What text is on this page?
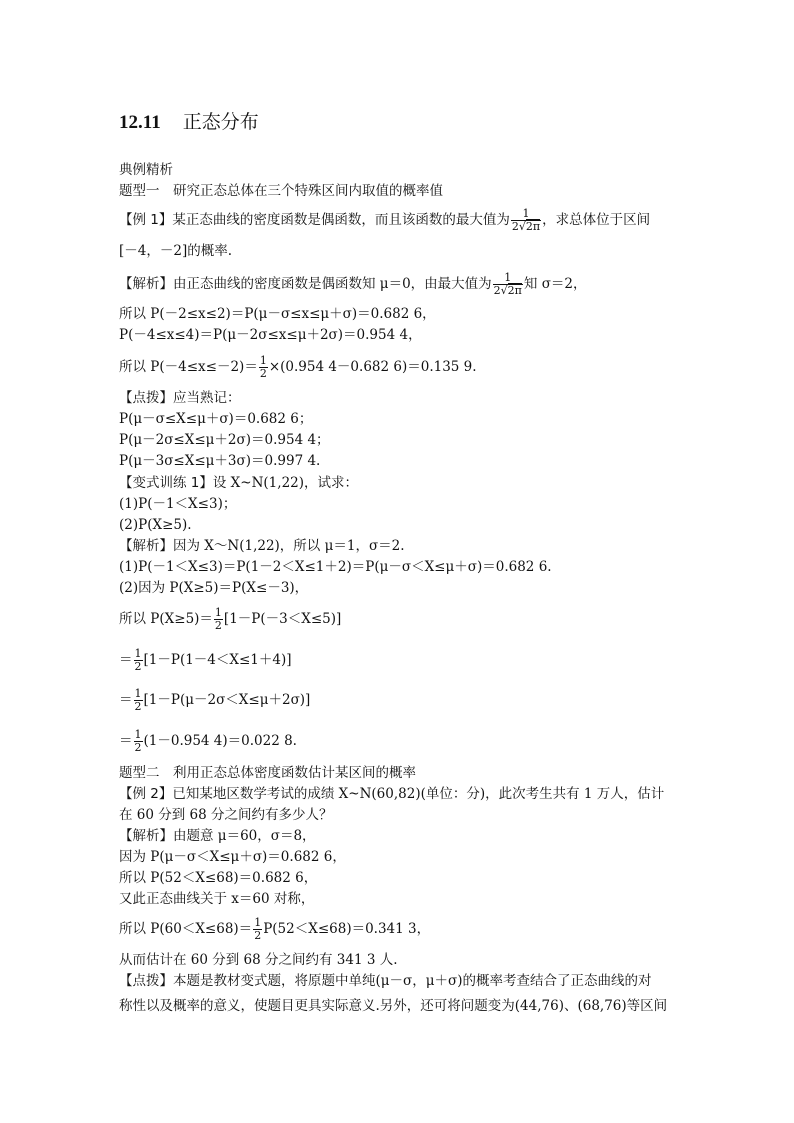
12.11 正态分布
典例精析
题型一　研究正态总体在三个特殊区间内取值的概率值
【例 1】某正态曲线的密度函数是偶函数，而且该函数的最大值为 $\frac{1}{2√2\pi}$ ，求总体位于区间
[－4，－2]的概率.
【解析】由正态曲线的密度函数是偶函数知 μ＝0，由最大值为 $\frac{1}{2√2\pi}$ 知 σ＝2，
所以 P(－2≤x≤2)＝P(μ－σ≤x≤μ＋σ)＝0.682 6，
P(－4≤x≤4)＝P(μ－2σ≤x≤μ＋2σ)＝0.954 4，
所以 $P(-4\le x\le-2)= \frac{1}{2} \times(0.954$ 4－0.682 6)＝0.135 9.
【点拨】应当熟记：
P(μ－σ≤X≤μ＋σ)＝0.682 6；
P(μ－2σ≤X≤μ＋2σ)＝0.954 4；
P(μ－3σ≤X≤μ＋3σ)＝0.997 4.
【变式训练 1】设 X~N(1,22)，试求：
(1)P(－1＜X≤3)；
(2)P(X≥5).
【解析】因为 X～N(1,22)，所以 μ＝1，σ＝2.
(1)P(－1＜X≤3)＝P(1－2＜X≤1＋2)＝P(μ－σ＜X≤μ＋σ)＝0.682 6.
(2)因为 P(X≥5)＝P(X≤－3)，
所以 $P(X\ge 5)= \frac{1}{2} [1-P(-3<X\le 5)]$
＝ $\frac{1}{2} [1-P(1-4<X\le 1+4)]$
＝ $\frac{1}{2} [1-P(\mu-2\sigma<X\le\mu+2\sigma)]$
＝ $\frac{1}{2} (1-0.954$ 4)＝0.022 8.
题型二　利用正态总体密度函数估计某区间的概率
【例 2】已知某地区数学考试的成绩 X~N(60,82)(单位：分)，此次考生共有 1 万人，估计
在 60 分到 68 分之间约有多少人？
【解析】由题意 μ＝60，σ＝8，
因为 P(μ－σ＜X≤μ＋σ)＝0.682 6，
所以 P(52＜X≤68)＝0.682 6，
又此正态曲线关于 x＝60 对称，
所以 $P(60<X\le 68)= \frac{1}{2} P(52<X\le 68)=0.341$ 3，
从而估计在 60 分到 68 分之间约有 341 3 人.
【点拨】本题是教材变式题，将原题中单纯(μ－σ，μ＋σ)的概率考查结合了正态曲线的对
称性以及概率的意义，使题目更具实际意义.另外，还可将问题变为(44,76)、(68,76)等区间
